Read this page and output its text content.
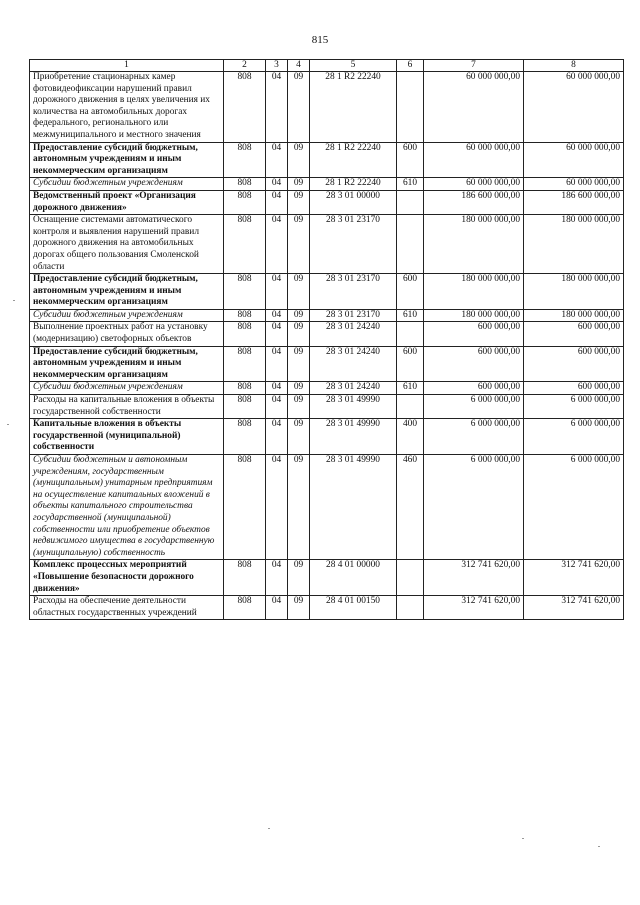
815
1	2	3	4	5	6	7	8
Приобретение стационарных камер фотовидеофиксации нарушений правил дорожного движения в целях увеличения их количества на автомобильных дорогах федерального, регионального или межмуниципального и местного значения	808	04	09	28 1 R2 22240		60 000 000,00	60 000 000,00
Предоставление субсидий бюджетным, автономным учреждениям и иным некоммерческим организациям	808	04	09	28 1 R2 22240	600	60 000 000,00	60 000 000,00
Субсидии бюджетным учреждениям	808	04	09	28 1 R2 22240	610	60 000 000,00	60 000 000,00
Ведомственный проект «Организация дорожного движения»	808	04	09	28 3 01 00000		186 600 000,00	186 600 000,00
Оснащение системами автоматического контроля и выявления нарушений правил дорожного движения на автомобильных дорогах общего пользования Смоленской области	808	04	09	28 3 01 23170		180 000 000,00	180 000 000,00
Предоставление субсидий бюджетным, автономным учреждениям и иным некоммерческим организациям	808	04	09	28 3 01 23170	600	180 000 000,00	180 000 000,00
Субсидии бюджетным учреждениям	808	04	09	28 3 01 23170	610	180 000 000,00	180 000 000,00
Выполнение проектных работ на установку (модернизацию) светофорных объектов	808	04	09	28 3 01 24240		600 000,00	600 000,00
Предоставление субсидий бюджетным, автономным учреждениям и иным некоммерческим организациям	808	04	09	28 3 01 24240	600	600 000,00	600 000,00
Субсидии бюджетным учреждениям	808	04	09	28 3 01 24240	610	600 000,00	600 000,00
Расходы на капитальные вложения в объекты государственной собственности	808	04	09	28 3 01 49990		6 000 000,00	6 000 000,00
Капитальные вложения в объекты государственной (муниципальной) собственности	808	04	09	28 3 01 49990	400	6 000 000,00	6 000 000,00
Субсидии бюджетным и автономным учреждениям, государственным (муниципальным) унитарным предприятиям на осуществление капитальных вложений в объекты капитального строительства государственной (муниципальной) собственности или приобретение объектов недвижимого имущества в государственную (муниципальную) собственность	808	04	09	28 3 01 49990	460	6 000 000,00	6 000 000,00
Комплекс процессных мероприятий «Повышение безопасности дорожного движения»	808	04	09	28 4 01 00000		312 741 620,00	312 741 620,00
Расходы на обеспечение деятельности областных государственных учреждений	808	04	09	28 4 01 00150		312 741 620,00	312 741 620,00
